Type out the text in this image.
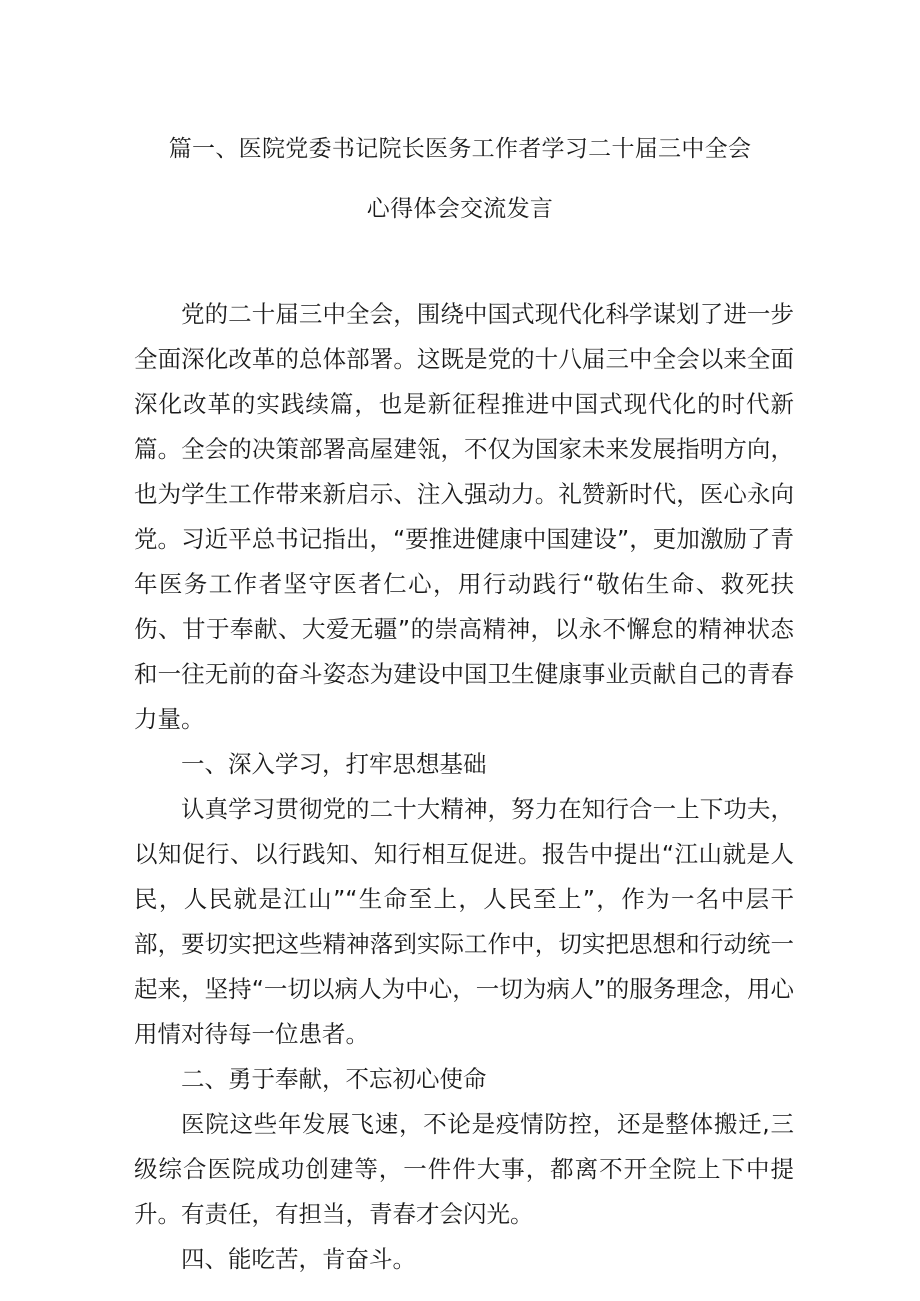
篇一、医院党委书记院长医务工作者学习二十届三中全会
心得体会交流发言

党的二十届三中全会，围绕中国式现代化科学谋划了进一步全面深化改革的总体部署。这既是党的十八届三中全会以来全面深化改革的实践续篇，也是新征程推进中国式现代化的时代新篇。全会的决策部署高屋建瓴，不仅为国家未来发展指明方向，也为学生工作带来新启示、注入强动力。礼赞新时代，医心永向党。习近平总书记指出，“要推进健康中国建设”，更加激励了青年医务工作者坚守医者仁心，用行动践行“敬佑生命、救死扶伤、甘于奉献、大爱无疆”的崇高精神，以永不懈怠的精神状态和一往无前的奋斗姿态为建设中国卫生健康事业贡献自己的青春力量。

一、深入学习，打牢思想基础

认真学习贯彻党的二十大精神，努力在知行合一上下功夫，以知促行、以行践知、知行相互促进。报告中提出“江山就是人民，人民就是江山”“生命至上，人民至上”，作为一名中层干部，要切实把这些精神落到实际工作中，切实把思想和行动统一起来，坚持“一切以病人为中心，一切为病人”的服务理念，用心用情对待每一位患者。

二、勇于奉献，不忘初心使命

医院这些年发展飞速，不论是疫情防控，还是整体搬迁,三级综合医院成功创建等，一件件大事，都离不开全院上下中提升。有责任，有担当，青春才会闪光。

四、能吃苦，肯奋斗。
